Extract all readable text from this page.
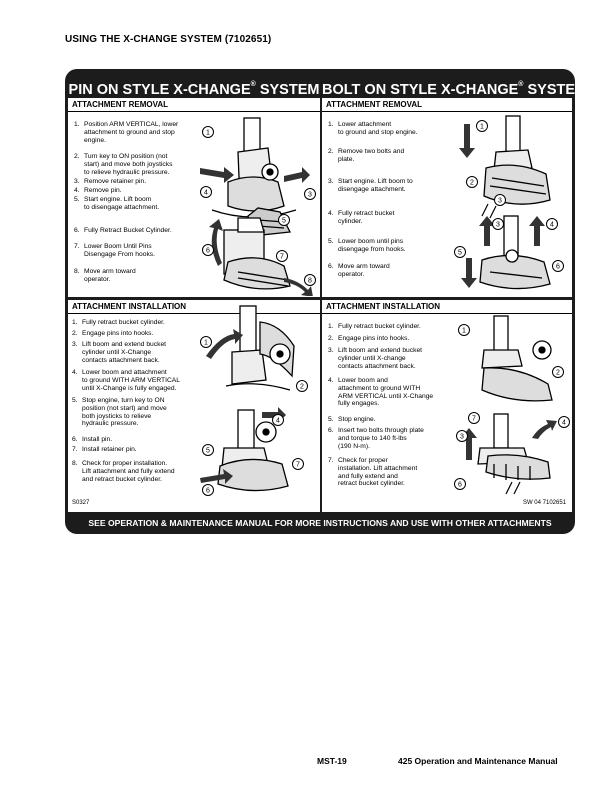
USING THE X-CHANGE SYSTEM (7102651)
PIN ON STYLE X-CHANGE® SYSTEM BOLT ON STYLE X-CHANGE® SYSTEM
ATTACHMENT REMOVAL
1. Position ARM VERTICAL, lower
attachment to ground and stop
engine.
2. Turn key to ON position (not
start) and move both joysticks
to relieve hydraulic pressure.
3. Remove retainer pin.
4. Remove pin.
5. Start engine. Lift boom
to disengage attachment.
6. Fully Retract Bucket Cylinder.
7. Lower Boom Until Pins
Disengage From hooks.
8. Move arm toward
operator.
1
4	3
5
6
7
8
ATTACHMENT INSTALLATION
1. Fully retract bucket cylinder.
2. Engage pins into hooks.
3. Lift boom and extend bucket
cylinder until X-Change
contacts attachment back.
4. Lower boom and attachment
to ground WITH ARM VERTICAL
until X-Change is fully engaged.
5. Stop engine, turn key to ON
position (not start) and move
both joysticks to relieve
hydraulic pressure.
6. Install pin.
7. Install retainer pin.
8. Check for proper installation.
Lift attachment and fully extend
and retract bucket cylinder.
1
2
5
4
7
6
S0327
ATTACHMENT REMOVAL
1. Lower attachment
to ground and stop engine.
2. Remove two bolts and
plate.
3. Start engine. Lift boom to
disengage attachment.
4. Fully retract bucket
cylinder.
5. Lower boom until pins
disengage from hooks.
6. Move arm toward
operator.
1
2
3
3	4
5
6
ATTACHMENT INSTALLATION
1. Fully retract bucket cylinder.
2. Engage pins into hooks.
3. Lift boom and extend bucket
cylinder until X-change
contacts attachment back.
4. Lower boom and
attachment to ground WITH
ARM VERTICAL until X-Change
fully engages.
5. Stop engine.
6. Insert two bolts through plate
and torque to 140 ft-lbs
(190 N-m).
7. Check for proper
installation. Lift attachment
and fully extend and
retract bucket cylinder.
1
2
7
4
3
6
SW 04 7102651
SEE OPERATION & MAINTENANCE MANUAL FOR MORE INSTRUCTIONS AND USE WITH OTHER ATTACHMENTS
MST-19	425 Operation and Maintenance Manual
